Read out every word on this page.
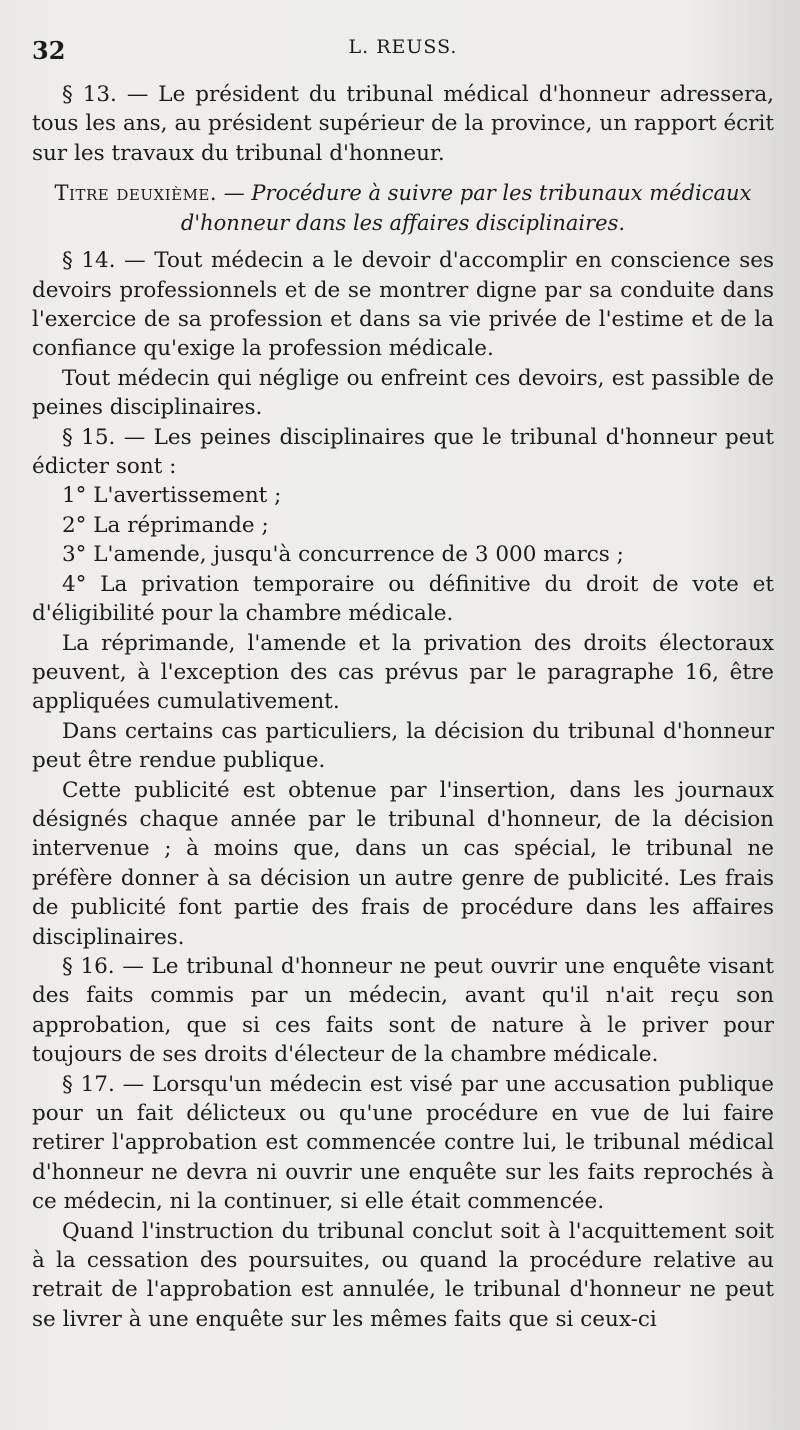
32	L. REUSS.

§ 13. — Le président du tribunal médical d'honneur adressera, tous les ans, au président supérieur de la province, un rapport écrit sur les travaux du tribunal d'honneur.

Titre deuxième. — Procédure à suivre par les tribunaux médicaux d'honneur dans les affaires disciplinaires.

§ 14. — Tout médecin a le devoir d'accomplir en conscience ses devoirs professionnels et de se montrer digne par sa conduite dans l'exercice de sa profession et dans sa vie privée de l'estime et de la confiance qu'exige la profession médicale.

Tout médecin qui néglige ou enfreint ces devoirs, est passible de peines disciplinaires.

§ 15. — Les peines disciplinaires que le tribunal d'honneur peut édicter sont :

1° L'avertissement ;

2° La réprimande ;

3° L'amende, jusqu'à concurrence de 3 000 marcs ;

4° La privation temporaire ou définitive du droit de vote et d'éligibilité pour la chambre médicale.

La réprimande, l'amende et la privation des droits électoraux peuvent, à l'exception des cas prévus par le paragraphe 16, être appliquées cumulativement.

Dans certains cas particuliers, la décision du tribunal d'honneur peut être rendue publique.

Cette publicité est obtenue par l'insertion, dans les journaux désignés chaque année par le tribunal d'honneur, de la décision intervenue ; à moins que, dans un cas spécial, le tribunal ne préfère donner à sa décision un autre genre de publicité. Les frais de publicité font partie des frais de procédure dans les affaires disciplinaires.

§ 16. — Le tribunal d'honneur ne peut ouvrir une enquête visant des faits commis par un médecin, avant qu'il n'ait reçu son approbation, que si ces faits sont de nature à le priver pour toujours de ses droits d'électeur de la chambre médicale.

§ 17. — Lorsqu'un médecin est visé par une accusation publique pour un fait délicteux ou qu'une procédure en vue de lui faire retirer l'approbation est commencée contre lui, le tribunal médical d'honneur ne devra ni ouvrir une enquête sur les faits reprochés à ce médecin, ni la continuer, si elle était commencée.

Quand l'instruction du tribunal conclut soit à l'acquittement soit à la cessation des poursuites, ou quand la procédure relative au retrait de l'approbation est annulée, le tribunal d'honneur ne peut se livrer à une enquête sur les mêmes faits que si ceux-ci
